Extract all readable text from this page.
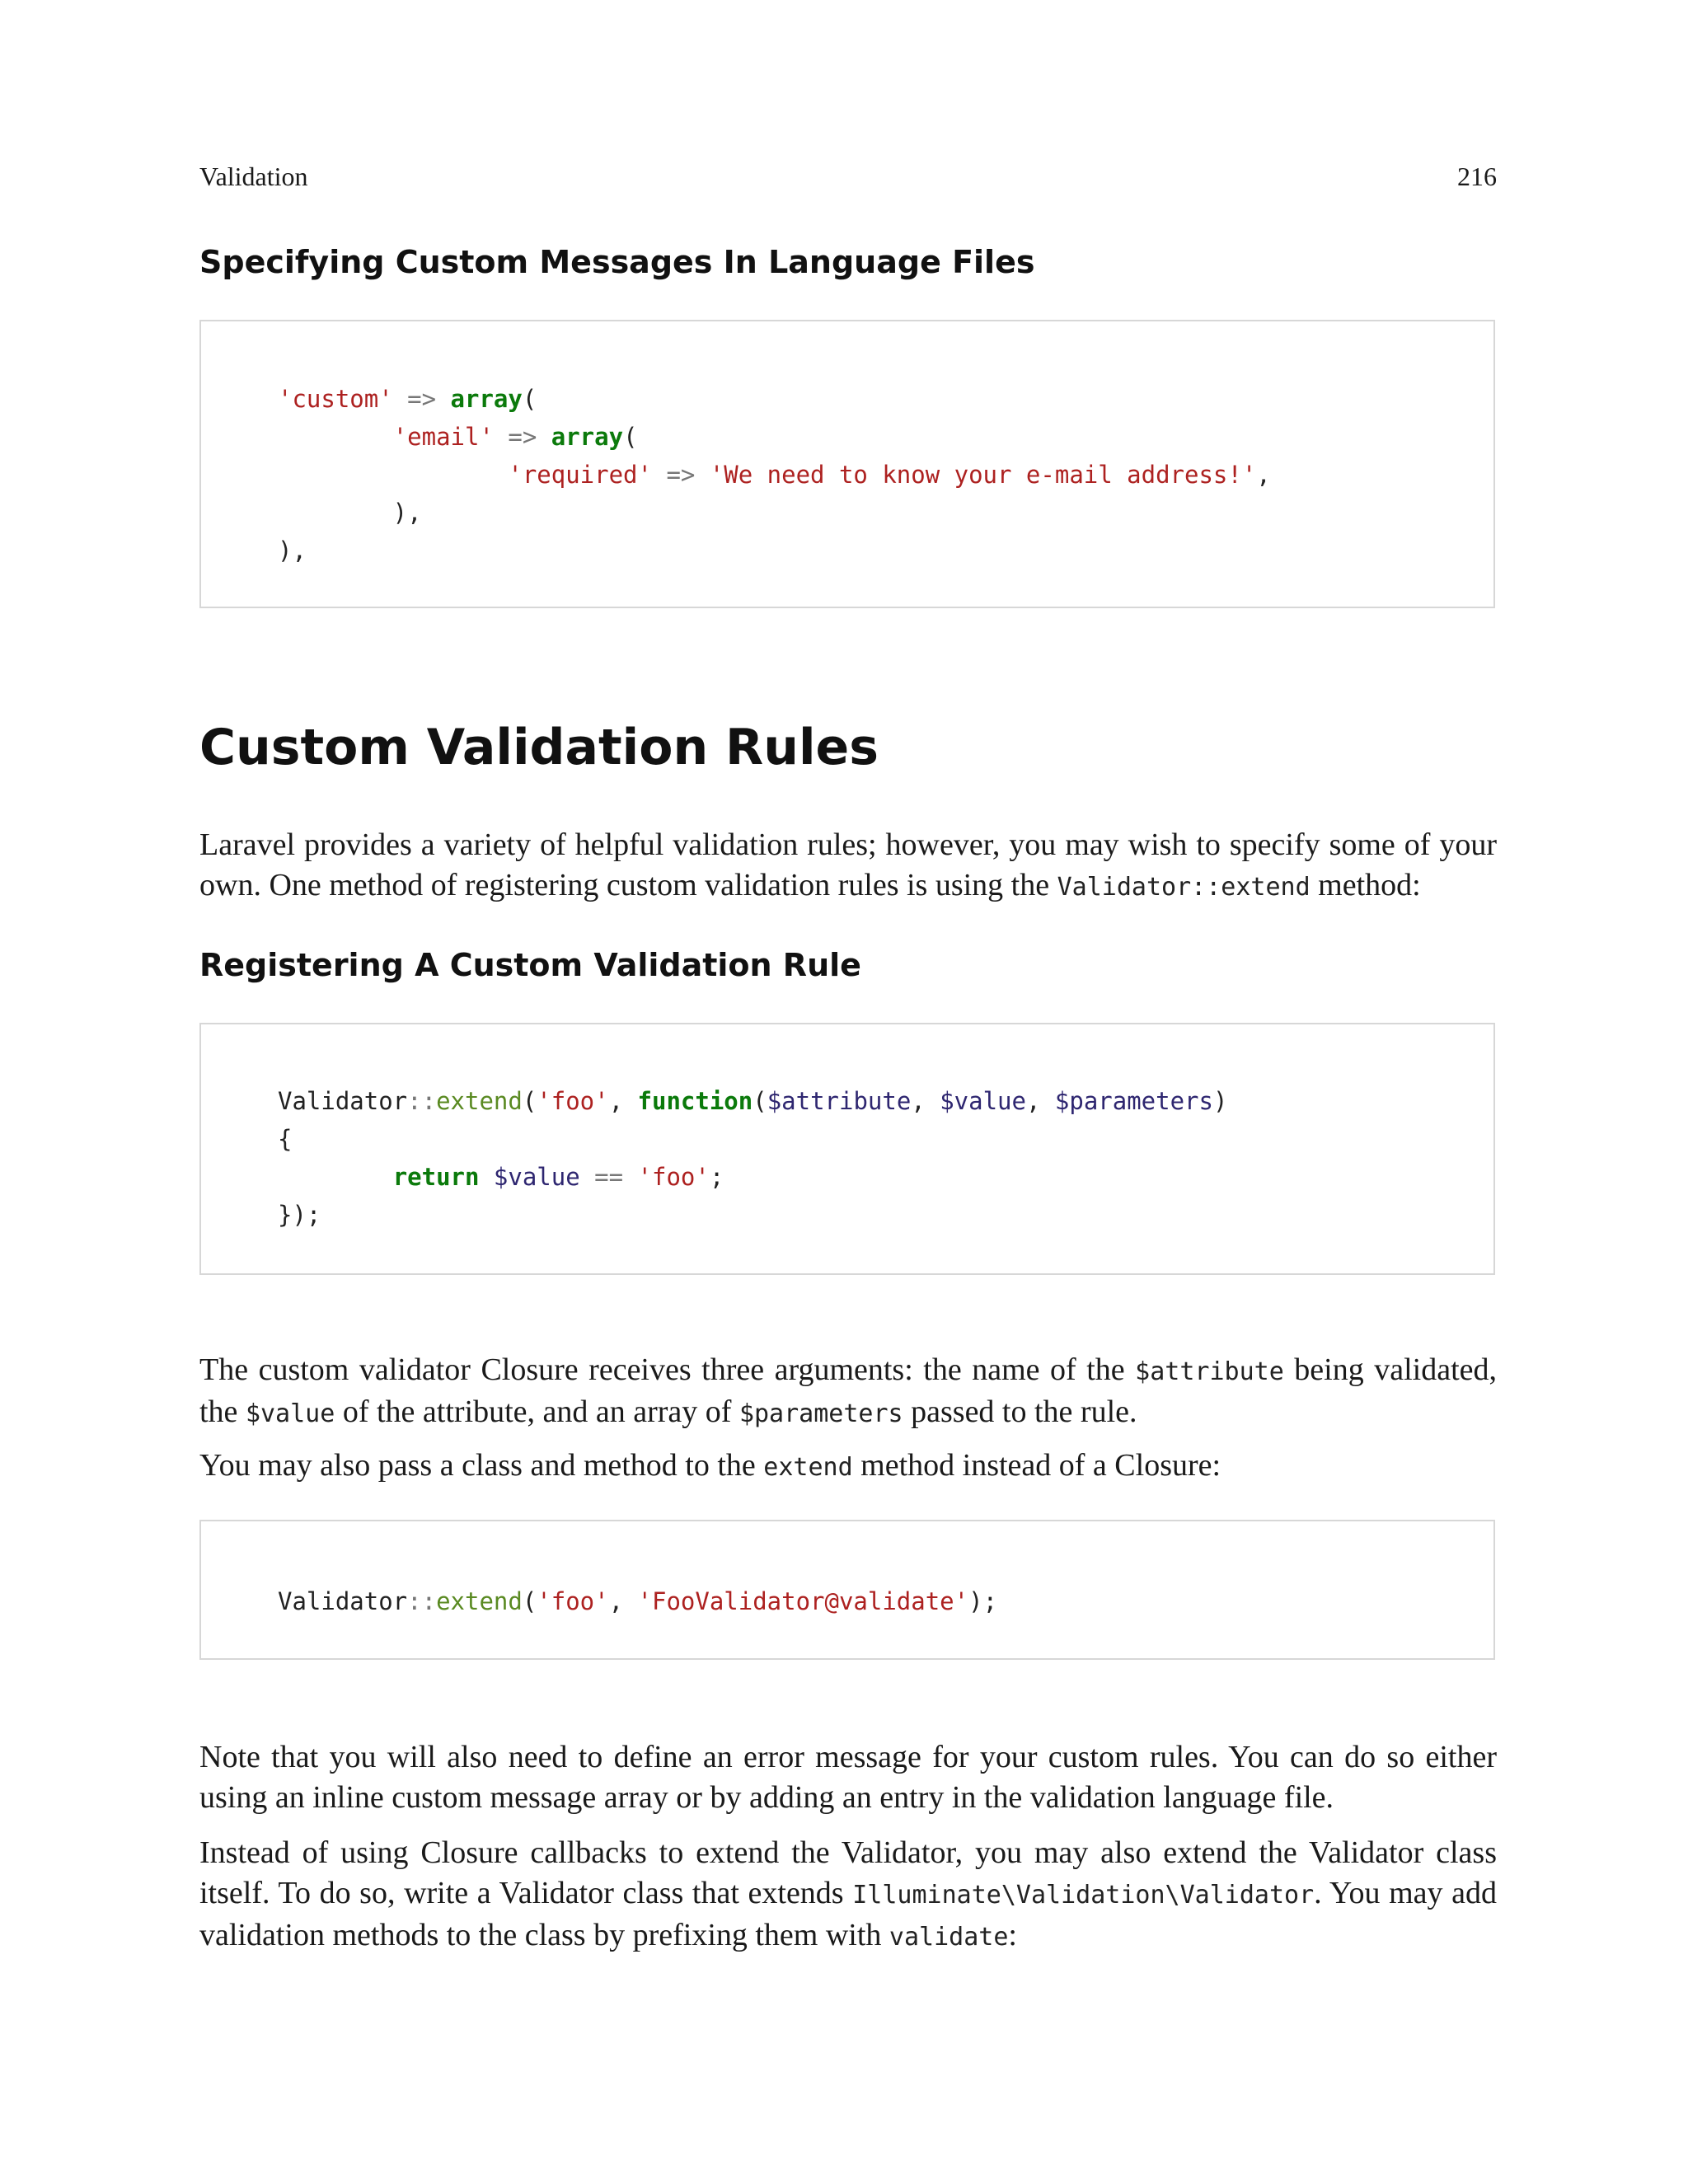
Validation	216
Specifying Custom Messages In Language Files
'custom' => array(
'email' => array(
'required' => 'We need to know your e-mail address!',
),
),
Custom Validation Rules

Laravel provides a variety of helpful validation rules; however, you may wish to specify some of your own. One method of registering custom validation rules is using the Validator::extend method:

Registering A Custom Validation Rule
Validator::extend('foo', function($attribute, $value, $parameters)
{
return $value == 'foo';
});

The custom validator Closure receives three arguments: the name of the $attribute being validated, the $value of the attribute, and an array of $parameters passed to the rule.

You may also pass a class and method to the extend method instead of a Closure:

Validator::extend('foo', 'FooValidator@validate');

Note that you will also need to define an error message for your custom rules. You can do so either using an inline custom message array or by adding an entry in the validation language file.

Instead of using Closure callbacks to extend the Validator, you may also extend the Validator class itself. To do so, write a Validator class that extends Illuminate\Validation\Validator. You may add validation methods to the class by prefixing them with validate:
